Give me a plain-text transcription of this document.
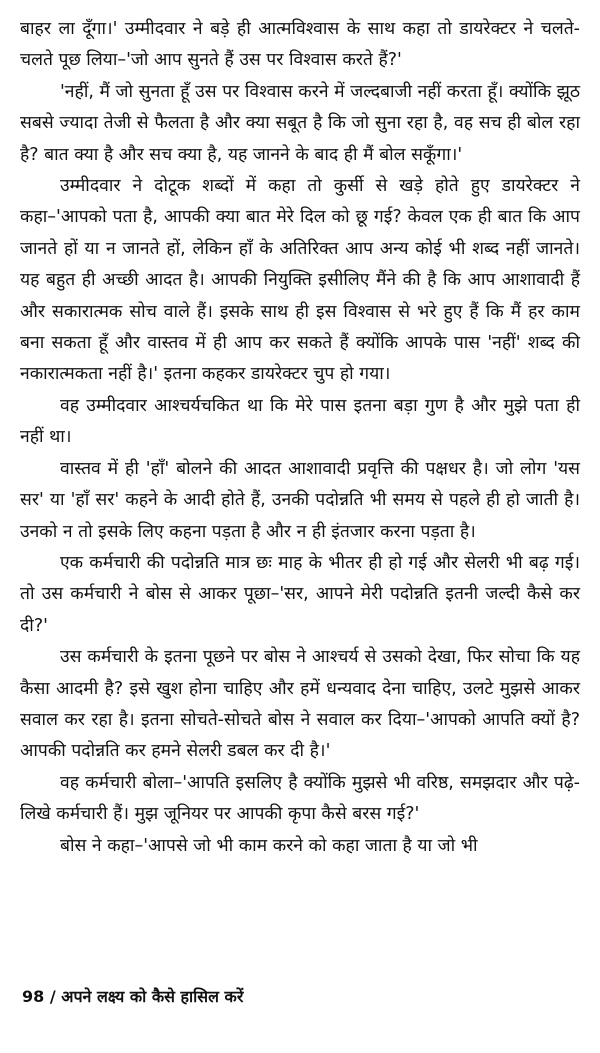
बाहर ला दूँगा।' उम्मीदवार ने बड़े ही आत्मविश्वास के साथ कहा तो डायरेक्टर ने चलते-चलते पूछ लिया–'जो आप सुनते हैं उस पर विश्वास करते हैं?'

'नहीं, मैं जो सुनता हूँ उस पर विश्वास करने में जल्दबाजी नहीं करता हूँ। क्योंकि झूठ सबसे ज्यादा तेजी से फैलता है और क्या सबूत है कि जो सुना रहा है, वह सच ही बोल रहा है? बात क्या है और सच क्या है, यह जानने के बाद ही मैं बोल सकूँगा।'

उम्मीदवार ने दोटूक शब्दों में कहा तो कुर्सी से खड़े होते हुए डायरेक्टर ने कहा–'आपको पता है, आपकी क्या बात मेरे दिल को छू गई? केवल एक ही बात कि आप जानते हों या न जानते हों, लेकिन हाँ के अतिरिक्त आप अन्य कोई भी शब्द नहीं जानते। यह बहुत ही अच्छी आदत है। आपकी नियुक्ति इसीलिए मैंने की है कि आप आशावादी हैं और सकारात्मक सोच वाले हैं। इसके साथ ही इस विश्वास से भरे हुए हैं कि मैं हर काम बना सकता हूँ और वास्तव में ही आप कर सकते हैं क्योंकि आपके पास 'नहीं' शब्द की नकारात्मकता नहीं है।' इतना कहकर डायरेक्टर चुप हो गया।

वह उम्मीदवार आश्चर्यचकित था कि मेरे पास इतना बड़ा गुण है और मुझे पता ही नहीं था।

वास्तव में ही 'हाँ' बोलने की आदत आशावादी प्रवृत्ति की पक्षधर है। जो लोग 'यस सर' या 'हाँ सर' कहने के आदी होते हैं, उनकी पदोन्नति भी समय से पहले ही हो जाती है। उनको न तो इसके लिए कहना पड़ता है और न ही इंतजार करना पड़ता है।

एक कर्मचारी की पदोन्नति मात्र छः माह के भीतर ही हो गई और सेलरी भी बढ़ गई। तो उस कर्मचारी ने बोस से आकर पूछा–'सर, आपने मेरी पदोन्नति इतनी जल्दी कैसे कर दी?'

उस कर्मचारी के इतना पूछने पर बोस ने आश्चर्य से उसको देखा, फिर सोचा कि यह कैसा आदमी है? इसे खुश होना चाहिए और हमें धन्यवाद देना चाहिए, उलटे मुझसे आकर सवाल कर रहा है। इतना सोचते-सोचते बोस ने सवाल कर दिया–'आपको आपति क्यों है? आपकी पदोन्नति कर हमने सेलरी डबल कर दी है।'

वह कर्मचारी बोला–'आपति इसलिए है क्योंकि मुझसे भी वरिष्ठ, समझदार और पढ़े-लिखे कर्मचारी हैं। मुझ जूनियर पर आपकी कृपा कैसे बरस गई?'

बोस ने कहा–'आपसे जो भी काम करने को कहा जाता है या जो भी

98 / अपने लक्ष्य को कैसे हासिल करें
